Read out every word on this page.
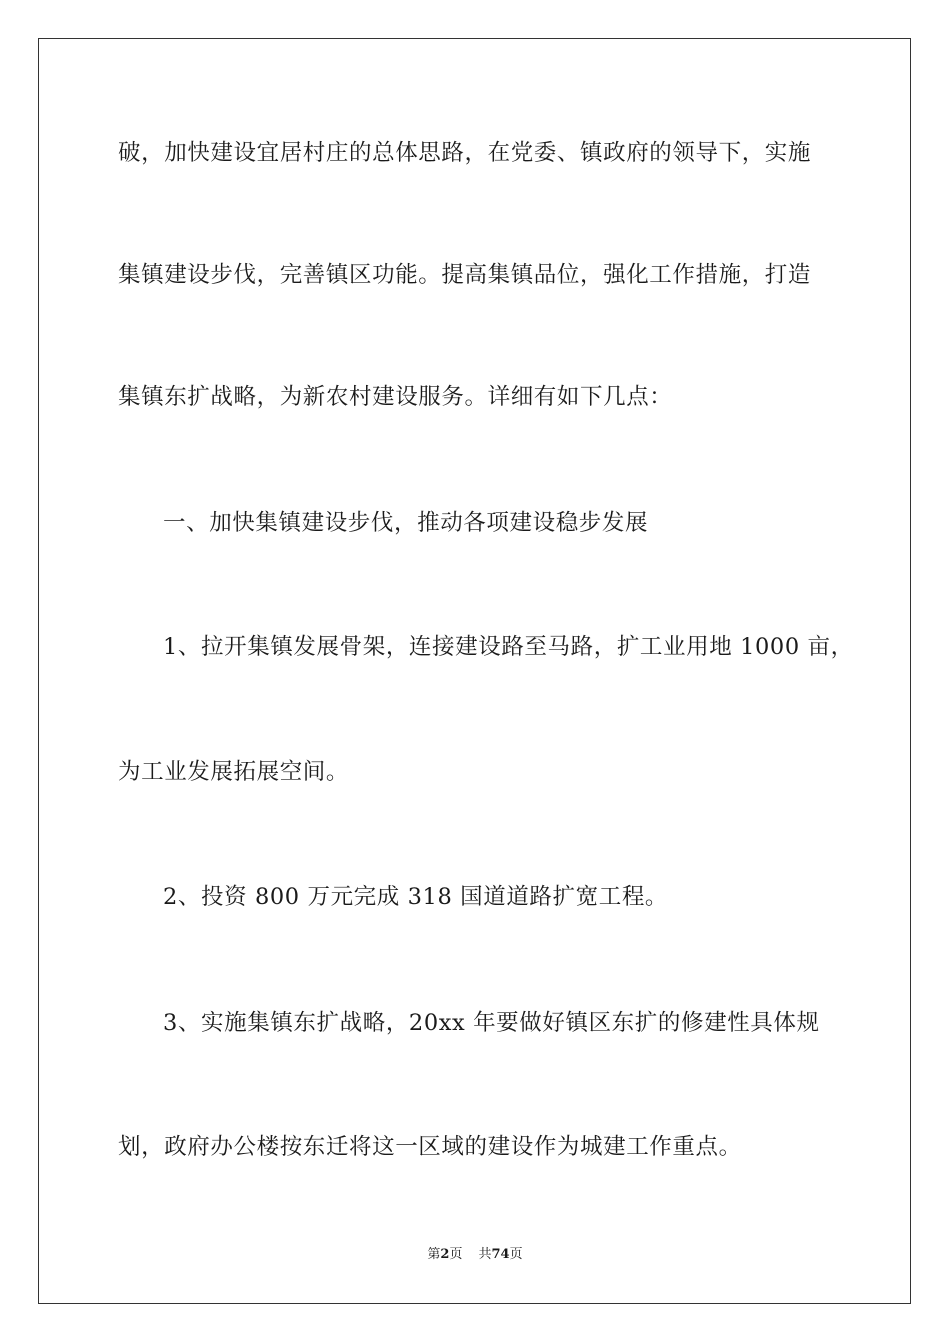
破，加快建设宜居村庄的总体思路，在党委、镇政府的领导下，实施
集镇建设步伐，完善镇区功能。提高集镇品位，强化工作措施，打造
集镇东扩战略，为新农村建设服务。详细有如下几点：
一、加快集镇建设步伐，推动各项建设稳步发展
1、拉开集镇发展骨架，连接建设路至马路，扩工业用地 1000 亩，
为工业发展拓展空间。
2、投资 800 万元完成 318 国道道路扩宽工程。
3、实施集镇东扩战略，20xx 年要做好镇区东扩的修建性具体规
划，政府办公楼按东迁将这一区域的建设作为城建工作重点。
第2页 共74页
